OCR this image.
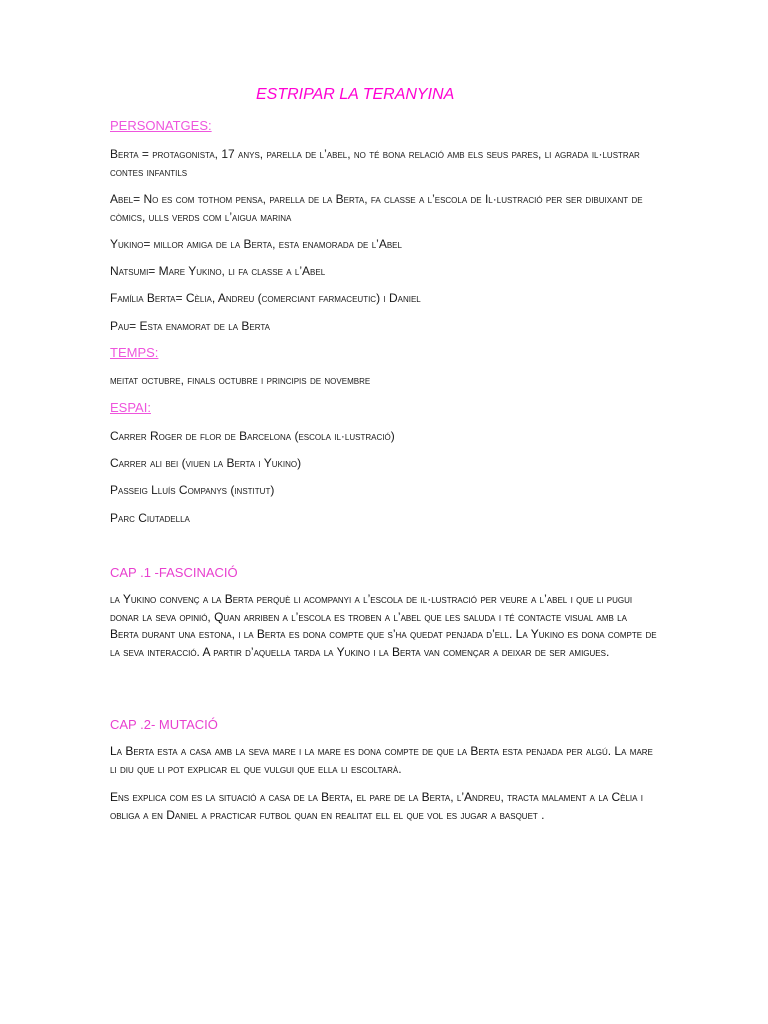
ESTRIPAR LA TERANYINA

PERSONATGES:

Berta = protagonista, 17 anys, parella de l’abel, no té bona relació amb els seus pares, li agrada il·lustrar contes infantils

Abel= No es com tothom pensa, parella de la Berta, fa classe a l’escola de Il·lustració per ser dibuixant de còmics, ulls verds com l’aigua marina

Yukino= millor amiga de la Berta, esta enamorada de l’Abel

Natsumi= Mare Yukino, li fa classe a l’Abel

Família Berta= Cèlia, Andreu (comerciant farmaceutic) i Daniel

Pau= Esta enamorat de la Berta

TEMPS:

meitat octubre, finals octubre i principis de novembre

ESPAI:

Carrer Roger de flor de Barcelona (escola il·lustració)

Carrer ali bei (viuen la Berta i Yukino)

Passeig Lluís Companys (institut)

Parc Ciutadella

CAP .1 -FASCINACIÓ

la Yukino convenç a la Berta perquè li acompanyi a l’escola de il·lustració per veure a l’abel i que li pugui donar la seva opinió, Quan arriben a l’escola es troben a l’abel que les saluda i té contacte visual amb la Berta durant una estona, i la Berta es dona compte que s’ha quedat penjada d’ell. La Yukino es dona compte de la seva interacció. A partir d’aquella tarda la Yukino i la Berta van començar a deixar de ser amigues.

CAP .2- MUTACIÓ

La Berta esta a casa amb la seva mare i la mare es dona compte de que la Berta esta penjada per algú. La mare li diu que li pot explicar el que vulgui que ella li escoltarà.

Ens explica com es la situació a casa de la Berta, el pare de la Berta, l’Andreu, tracta malament a la Cèlia i obliga a en Daniel a practicar futbol quan en realitat ell el que vol es jugar a basquet .
